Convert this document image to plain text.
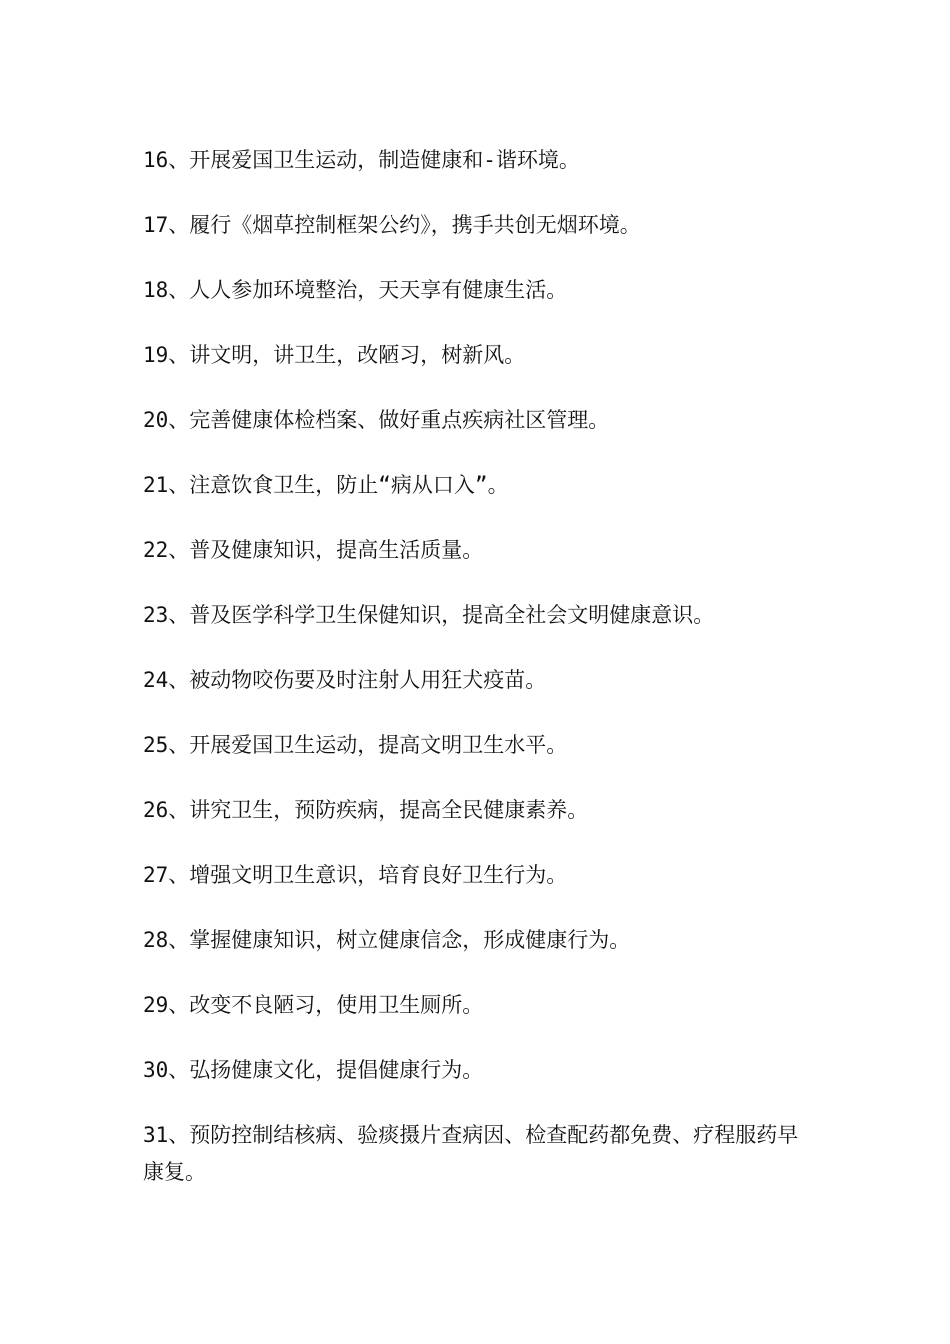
16、开展爱国卫生运动，制造健康和-谐环境。
17、履行《烟草控制框架公约》，携手共创无烟环境。
18、人人参加环境整治，天天享有健康生活。
19、讲文明，讲卫生，改陋习，树新风。
20、完善健康体检档案、做好重点疾病社区管理。
21、注意饮食卫生，防止“病从口入”。
22、普及健康知识，提高生活质量。
23、普及医学科学卫生保健知识，提高全社会文明健康意识。
24、被动物咬伤要及时注射人用狂犬疫苗。
25、开展爱国卫生运动，提高文明卫生水平。
26、讲究卫生，预防疾病，提高全民健康素养。
27、增强文明卫生意识，培育良好卫生行为。
28、掌握健康知识，树立健康信念，形成健康行为。
29、改变不良陋习，使用卫生厕所。
30、弘扬健康文化，提倡健康行为。
31、预防控制结核病、验痰摄片查病因、检查配药都免费、疗程服药早康复。
